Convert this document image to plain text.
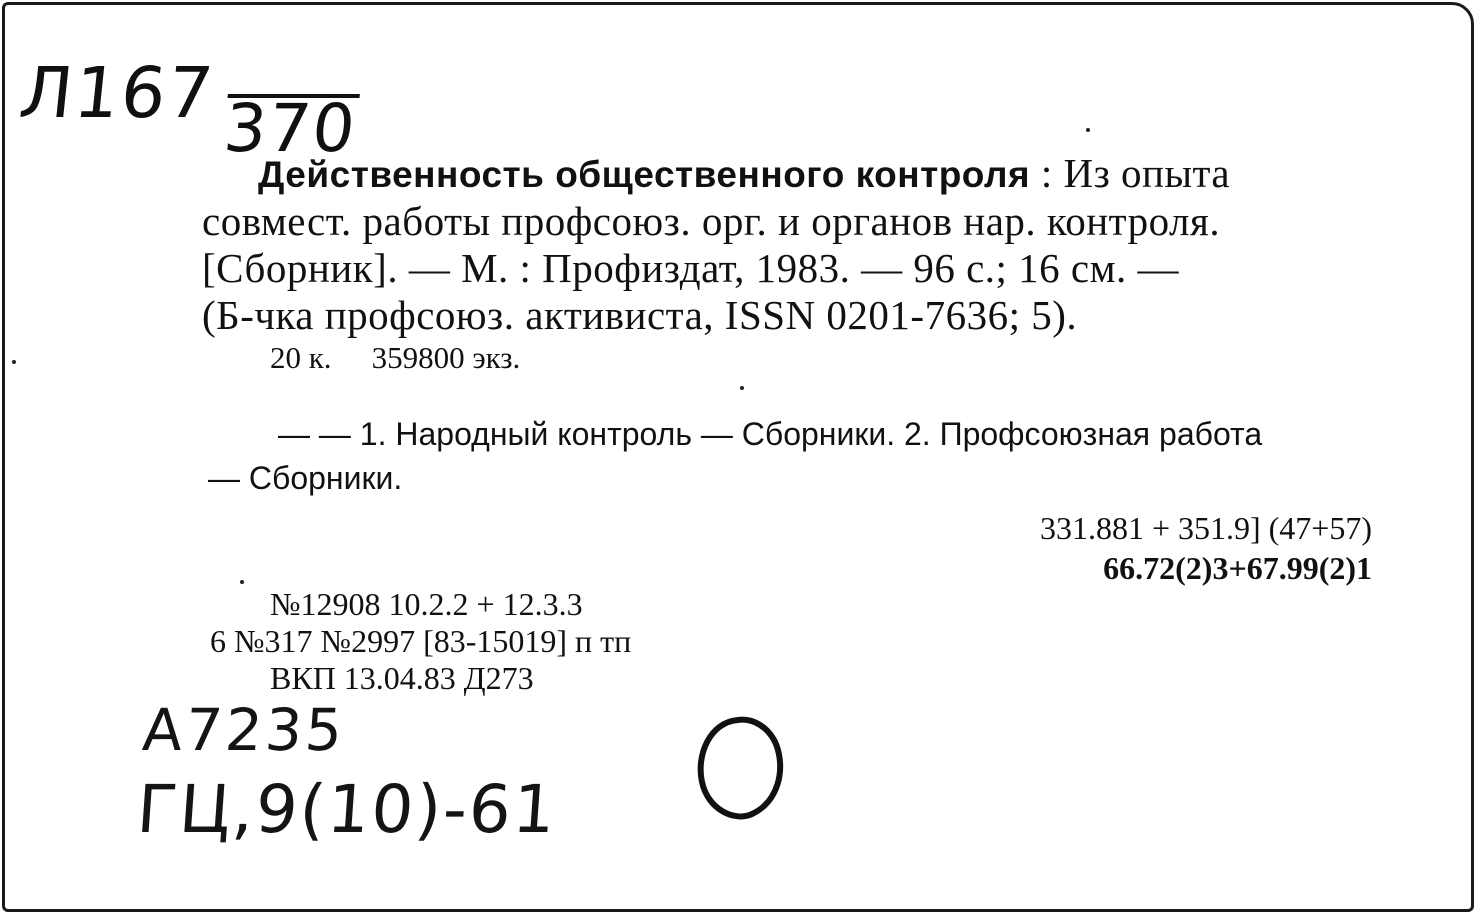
Л167370
Действенность общественного контроля : Из опыта
совмест. работы профсоюз. орг. и органов нар. контроля.
[Сборник]. — М. : Профиздат, 1983. — 96 с.; 16 см. —
(Б-чка профсоюз. активиста, ISSN 0201-7636; 5).
20 к. 359800 экз.
— — 1. Народный контроль — Сборники. 2. Профсоюзная работа
— Сборники.
331.881 + 351.9] (47+57)
66.72(2)3+67.99(2)1
№12908 10.2.2 + 12.3.3
6 №317 №2997 [83-15019] п тп
ВКП 13.04.83 Д273
А7235
ГЦ,9(10)-61
